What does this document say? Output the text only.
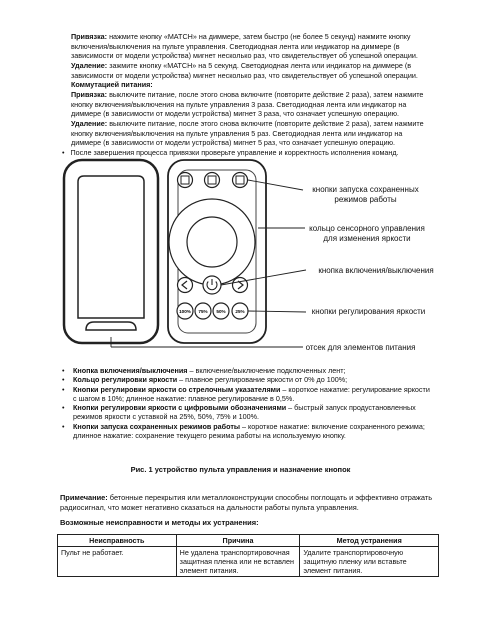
Привязка: нажмите кнопку «MATCH» на диммере, затем быстро (не более 5 секунд) нажмите кнопку включения/выключения на пульте управления. Светодиодная лента или индикатор на диммере (в зависимости от модели устройства) мигнет несколько раз, что свидетельствует об успешной операции.
Удаление: зажмите кнопку «MATCH» на 5 секунд. Светодиодная лента или индикатор на диммере (в зависимости от модели устройства) мигнет несколько раз, что свидетельствует об успешной операции.
Коммутацией питания:
Привязка: выключите питание, после этого снова включите (повторите действие 2 раза), затем нажмите кнопку включения/выключения на пульте управления 3 раза. Светодиодная лента или индикатор на диммере (в зависимости от модели устройства) мигнет 3 раза, что означает успешную операцию.
Удаление: выключите питание, после этого снова включите (повторите действие 2 раза), затем нажмите кнопку включения/выключения на пульте управления 5 раз. Светодиодная лента или индикатор на диммере (в зависимости от модели устройства) мигнет 5 раз, что означает успешную операцию.
•   После завершения процесса привязки проверьте управление и корректность исполнения команд.
100% 75% 50% 25%
кнопки запуска сохраненных
режимов работы
кольцо сенсорного управления
для изменения яркости
кнопка включения/выключения
кнопки регулирования яркости
отсек для элементов питания
• Кнопка включения/выключения – включение/выключение подключенных лент;
• Кольцо регулировки яркости – плавное регулирование яркости от 0% до 100%;
• Кнопки регулировки яркости со стрелочным указателями – короткое нажатие: регулирование яркости с шагом в 10%; длинное нажатие: плавное регулирование в 0,5%.
• Кнопки регулировки яркости с цифровыми обозначениями – быстрый запуск продустановленных режимов яркости с уставкой на 25%, 50%, 75% и 100%.
• Кнопки запуска сохраненных режимов работы – короткое нажатие: включение сохраненного режима; длинное нажатие: сохранение текущего режима работы на используемую кнопку.
Рис. 1 устройство пульта управления и назначение кнопок
Примечание: бетонные перекрытия или металлоконструкции способны поглощать и эффективно отражать радиосигнал, что может негативно сказаться на дальности работы пульта управления.
Возможные неисправности и методы их устранения:
Неисправность	Причина	Метод устранения
Пульт не работает.	Не удалена транспортировочная защитная пленка или не вставлен элемент питания.	Удалите транспортировочную защитную пленку или вставьте элемент питания.
